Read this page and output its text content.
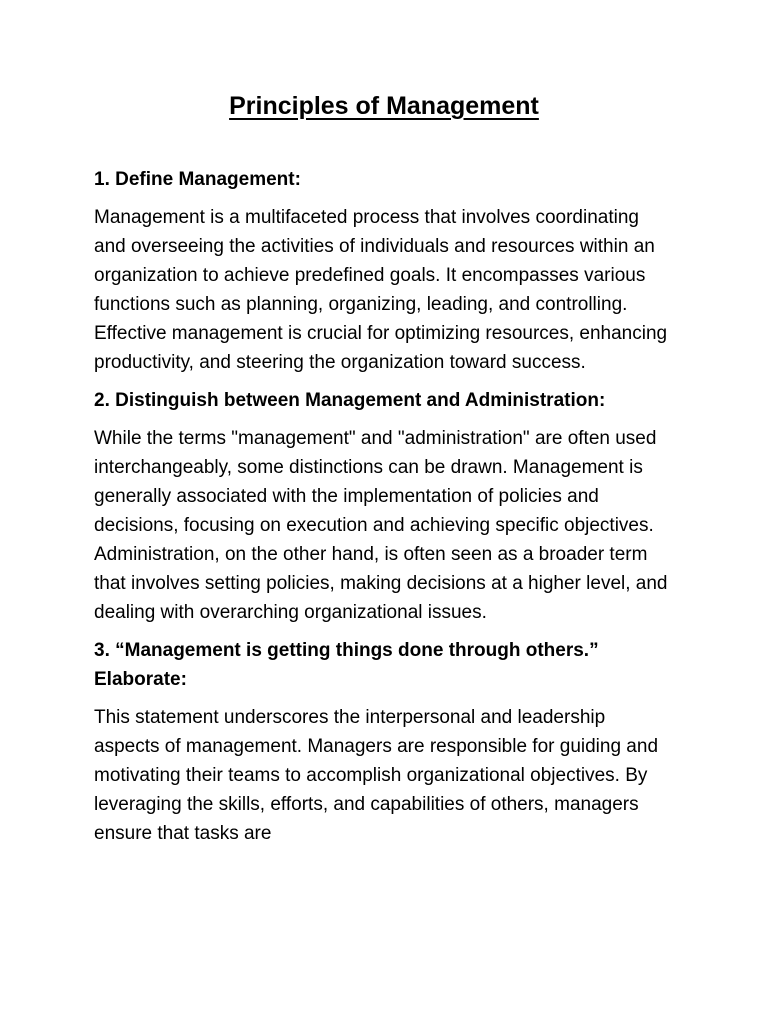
Principles of Management

1. Define Management:

Management is a multifaceted process that involves coordinating and overseeing the activities of individuals and resources within an organization to achieve predefined goals. It encompasses various functions such as planning, organizing, leading, and controlling. Effective management is crucial for optimizing resources, enhancing productivity, and steering the organization toward success.

2. Distinguish between Management and Administration:

While the terms "management" and "administration" are often used interchangeably, some distinctions can be drawn. Management is generally associated with the implementation of policies and decisions, focusing on execution and achieving specific objectives. Administration, on the other hand, is often seen as a broader term that involves setting policies, making decisions at a higher level, and dealing with overarching organizational issues.

3. “Management is getting things done through others.” Elaborate:

This statement underscores the interpersonal and leadership aspects of management. Managers are responsible for guiding and motivating their teams to accomplish organizational objectives. By leveraging the skills, efforts, and capabilities of others, managers ensure that tasks are
